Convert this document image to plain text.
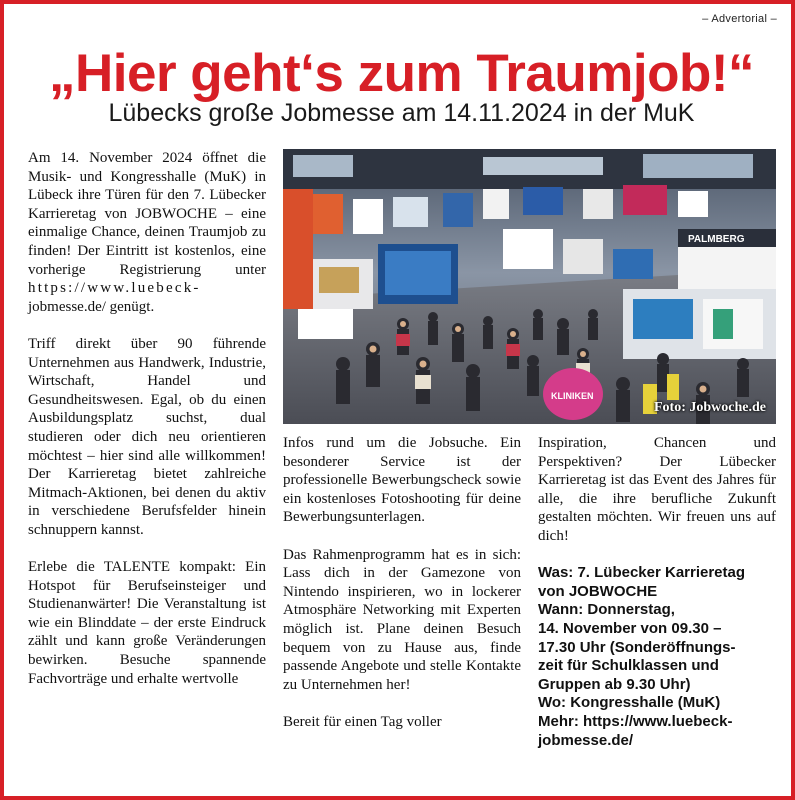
– Advertorial –
„Hier geht‘s zum Traumjob!“
Lübecks große Jobmesse am 14.11.2024 in der MuK

Am 14. November 2024 öffnet die Musik- und Kongresshalle (MuK) in Lübeck ihre Türen für den 7. Lübecker Karrieretag von JOBWOCHE – eine einmalige Chance, deinen Traumjob zu finden! Der Eintritt ist kostenlos, eine vorherige Registrierung unter https://www.luebeck- jobmesse.de/ genügt.

Triff direkt über 90 führende Unternehmen aus Handwerk, Industrie, Wirtschaft, Handel und Gesundheitswesen. Egal, ob du einen Ausbildungsplatz suchst, dual studieren oder dich neu orientieren möchtest – hier sind alle willkommen! Der Karrieretag bietet zahlreiche Mitmach-Aktionen, bei denen du aktiv in verschiedene Berufsfelder hinein schnuppern kannst.

Erlebe die TALENTE kompakt: Ein Hotspot für Berufseinsteiger und Studienanwärter! Die Veranstaltung ist wie ein Blinddate – der erste Eindruck zählt und kann große Veränderungen bewirken. Besuche spannende Fachvorträge und erhalte wertvolle

PALMBERG
KLINIKEN
Foto: Jobwoche.de

Infos rund um die Jobsuche. Ein besonderer Service ist der professionelle Bewerbungscheck sowie ein kostenloses Fotoshooting für deine Bewerbungsunterlagen.

Das Rahmenprogramm hat es in sich: Lass dich in der Gamezone von Nintendo inspirieren, wo in lockerer Atmosphäre Networking mit Experten möglich ist. Plane deinen Besuch bequem von zu Hause aus, finde passende Angebote und stelle Kontakte zu Unternehmen her!

Bereit für einen Tag voller

Inspiration, Chancen und Perspektiven? Der Lübecker Karrieretag ist das Event des Jahres für alle, die ihre berufliche Zukunft gestalten möchten. Wir freuen uns auf dich!

Was: 7. Lübecker Karrieretag
von JOBWOCHE
Wann: Donnerstag,
14. November von 09.30 –
17.30 Uhr (Sonderöffnungs-
zeit für Schulklassen und
Gruppen ab 9.30 Uhr)
Wo: Kongresshalle (MuK)
Mehr: https://www.luebeck-
jobmesse.de/
